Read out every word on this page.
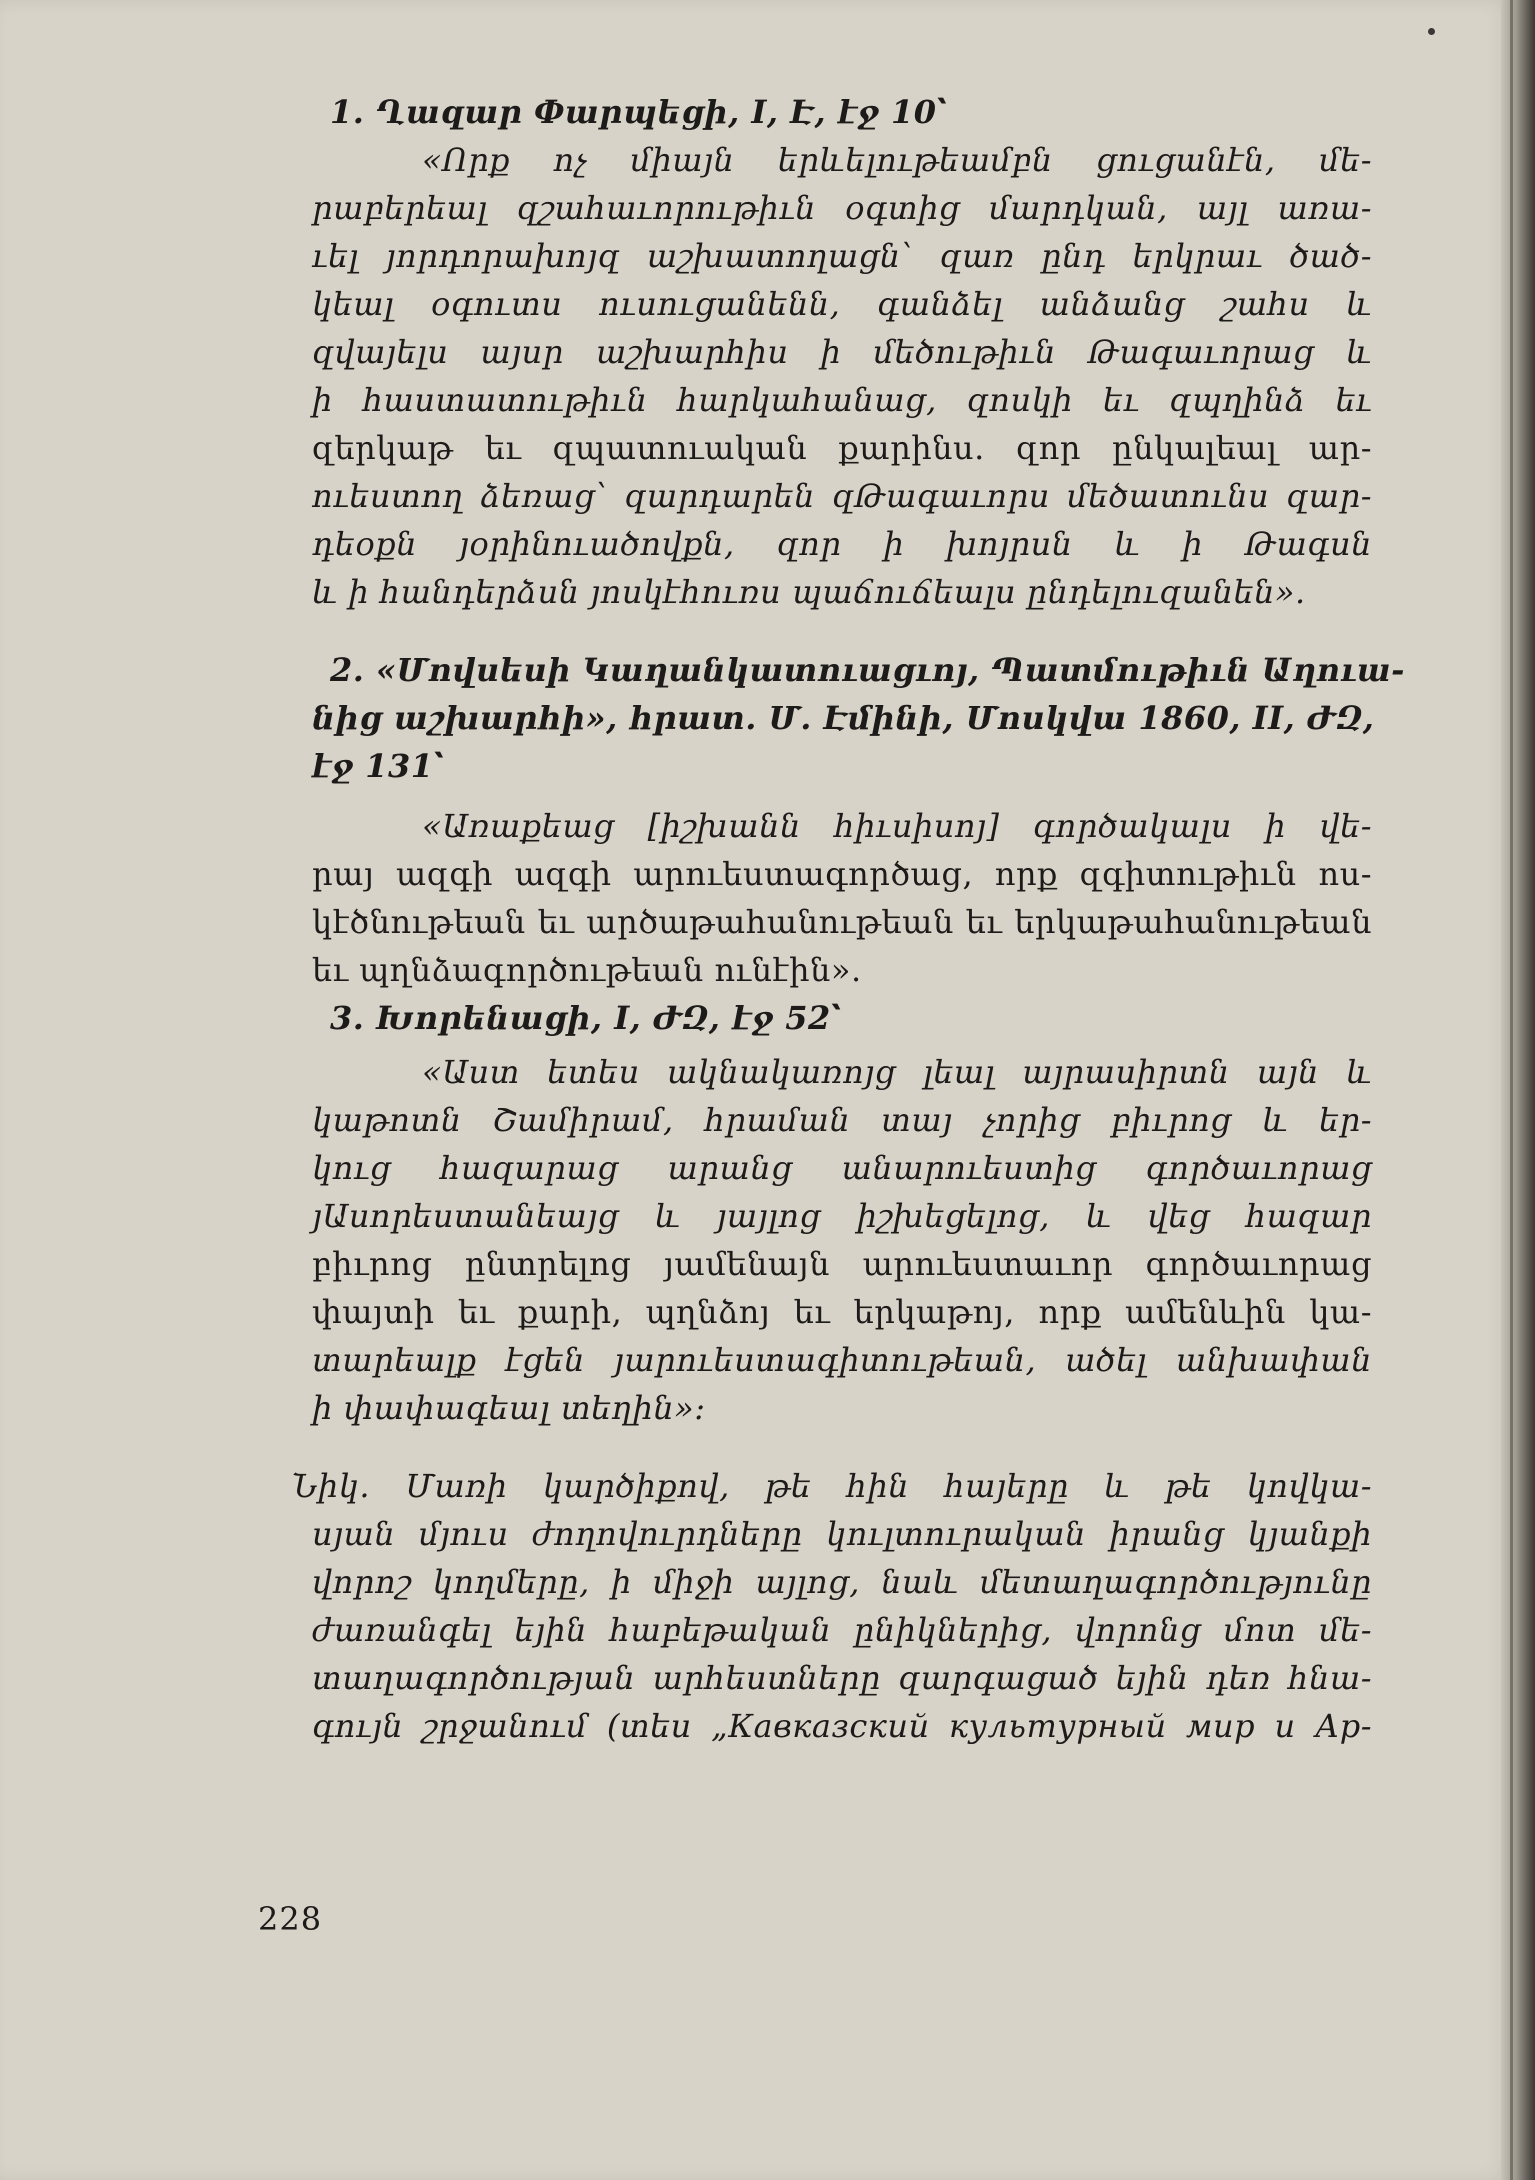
1. Ղազար Փարպեցի, I, Է, էջ 10՝
«Որք ոչ միայն երևելութեամբն ցուցանէն, մե-
րաբերեալ զշահաւորութիւն օգտից մարդկան, այլ առա-
ւել յորդորախոյզ աշխատողացն՝ զառ ընդ երկրաւ ծած-
կեալ օգուտս ուսուցանենն, գանձել անձանց շահս և
զվայելս այսր աշխարհիս ի մեծութիւն Թագաւորաց և
ի հաստատութիւն հարկահանաց, զոսկի եւ զպղինձ եւ
զերկաթ եւ զպատուական քարինս. զոր ընկալեալ ար-
ուեստող ձեռաց՝ զարդարեն զԹագաւորս մեծատունս զար-
դեօքն յօրինուածովքն, զոր ի խոյրսն և ի Թագսն
և ի հանդերձսն յոսկէհուռս պաճուճեալս ընդելուզանեն».
2. «Մովսեսի Կաղանկատուացւոյ, Պատմութիւն Աղուա-
նից աշխարհի», հրատ. Մ. Էմինի, Մոսկվա 1860, II, ԺԶ,
էջ 131՝
«Առաքեաց [իշխանն հիւսիսոյ] գործակալս ի վե-
րայ ազգի ազգի արուեստագործաց, որք զգիտութիւն ոս-
կէծնութեան եւ արծաթահանութեան եւ երկաթահանութեան
եւ պղնձագործութեան ունէին».
3. Խորենացի, I, ԺԶ, էջ 52՝
«Աստ ետես ակնակառոյց լեալ այրասիրտն այն և
կաթոտն Շամիրամ, հրաման տայ չորից բիւրոց և եր-
կուց հազարաց արանց անարուեստից գործաւորաց
յԱսորեստանեայց և յայլոց իշխեցելոց, և վեց հազար
բիւրոց ընտրելոց յամենայն արուեստաւոր գործաւորաց
փայտի եւ քարի, պղնձոյ եւ երկաթոյ, որք ամենևին կա-
տարեալք էցեն յարուեստագիտութեան, ածել անխափան
ի փափագեալ տեղին»:
Նիկ. Մառի կարծիքով, թե հին հայերը և թե կովկա-
սյան մյուս ժողովուրդները կուլտուրական իրանց կյանքի
վորոշ կողմերը, ի միջի այլոց, նաև մետաղագործությունը
ժառանգել եյին հաբեթական ընիկներից, վորոնց մոտ մե-
տաղագործության արհեստները զարգացած եյին դեռ հնա-
գույն շրջանում (տես „Кавказский культурный мир и Ар-
228
